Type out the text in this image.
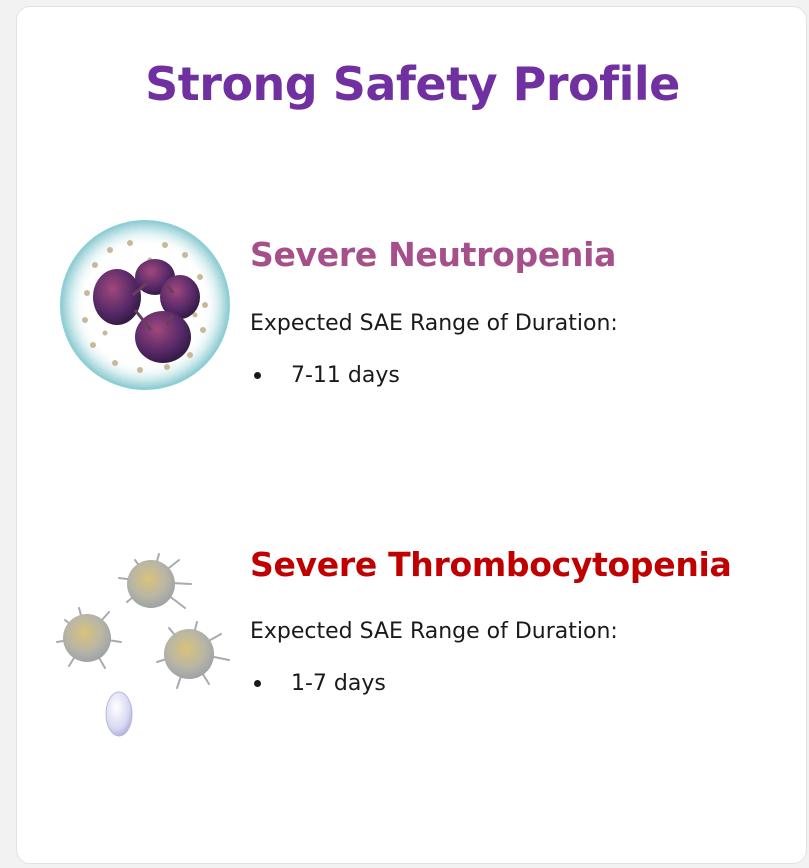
Strong Safety Profile
Severe Neutropenia
Expected SAE Range of Duration:
7-11 days
Severe Thrombocytopenia
Expected SAE Range of Duration:
1-7 days
